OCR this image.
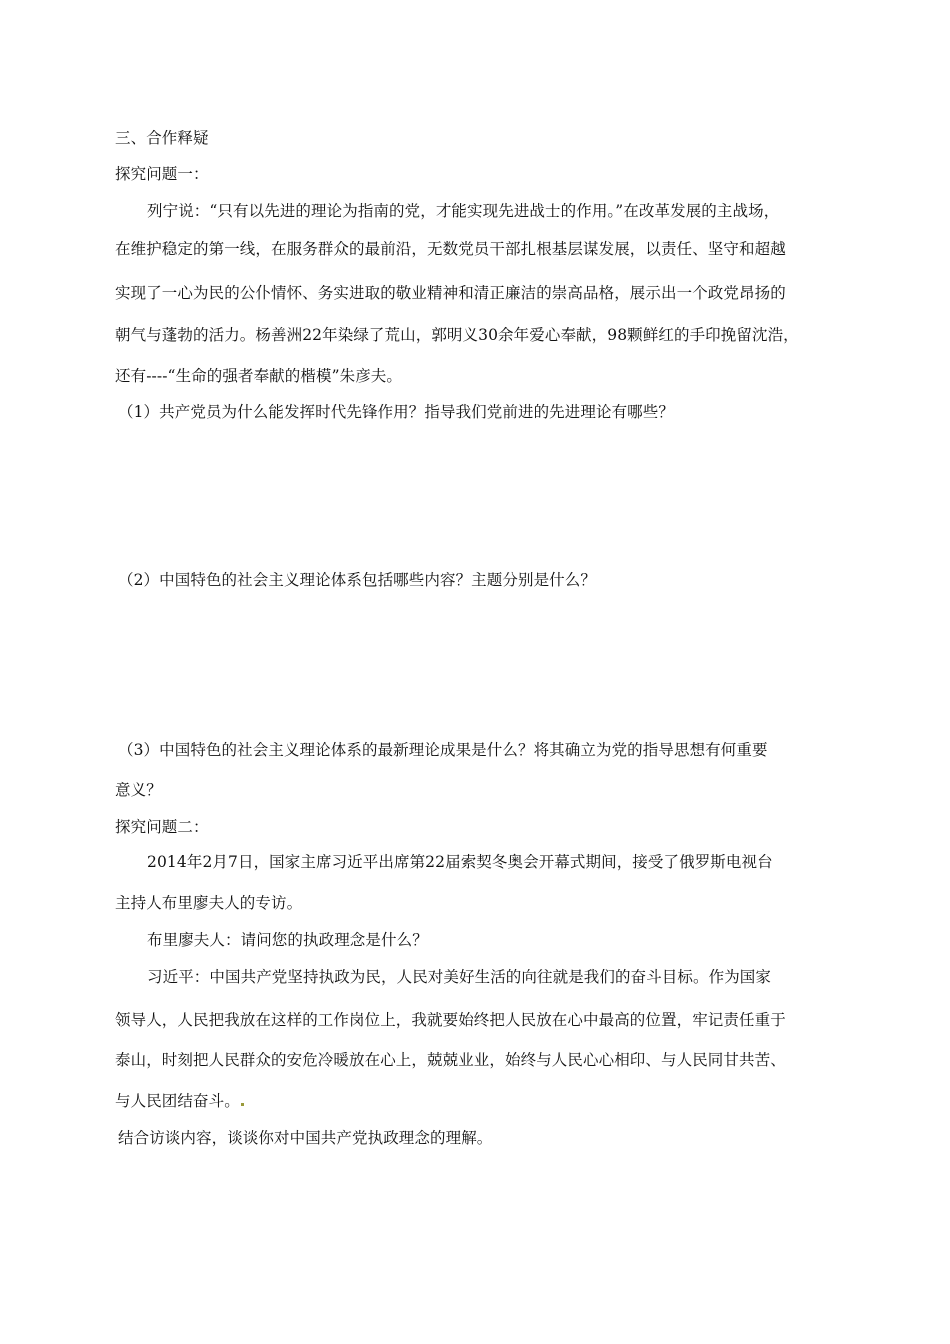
三、合作释疑
探究问题一：
列宁说：“只有以先进的理论为指南的党，才能实现先进战士的作用。”在改革发展的主战场，
在维护稳定的第一线，在服务群众的最前沿，无数党员干部扎根基层谋发展，以责任、坚守和超越
实现了一心为民的公仆情怀、务实进取的敬业精神和清正廉洁的崇高品格，展示出一个政党昂扬的
朝气与蓬勃的活力。杨善洲22年染绿了荒山，郭明义30余年爱心奉献，98颗鲜红的手印挽留沈浩，
还有----“生命的强者奉献的楷模”朱彦夫。
（1）共产党员为什么能发挥时代先锋作用？指导我们党前进的先进理论有哪些？
（2）中国特色的社会主义理论体系包括哪些内容？主题分别是什么？
（3）中国特色的社会主义理论体系的最新理论成果是什么？将其确立为党的指导思想有何重要
意义？
探究问题二：
2014年2月7日，国家主席习近平出席第22届索契冬奥会开幕式期间，接受了俄罗斯电视台
主持人布里廖夫人的专访。
布里廖夫人：请问您的执政理念是什么？
习近平：中国共产党坚持执政为民，人民对美好生活的向往就是我们的奋斗目标。作为国家
领导人，人民把我放在这样的工作岗位上，我就要始终把人民放在心中最高的位置，牢记责任重于
泰山，时刻把人民群众的安危冷暖放在心上，兢兢业业，始终与人民心心相印、与人民同甘共苦、
与人民团结奋斗。
结合访谈内容，谈谈你对中国共产党执政理念的理解。
